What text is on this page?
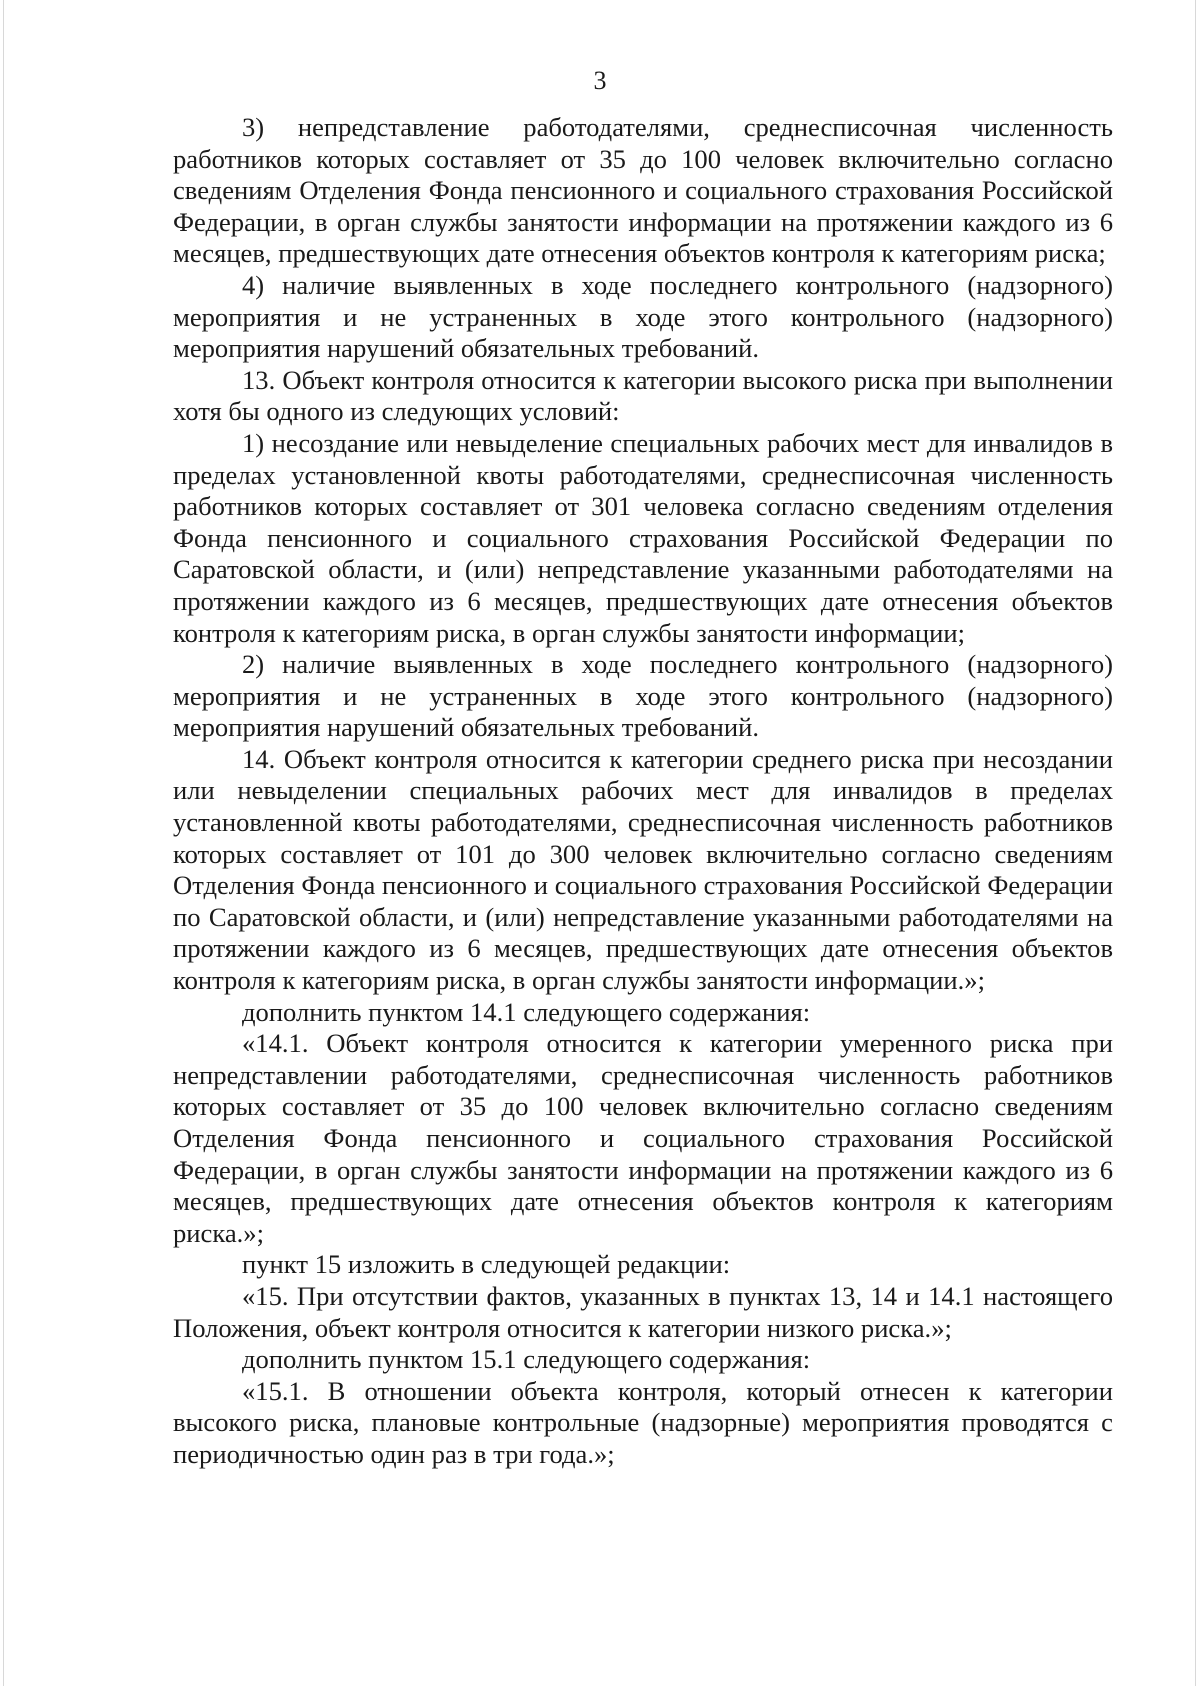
3

3) непредставление работодателями, среднесписочная численность работников которых составляет от 35 до 100 человек включительно согласно сведениям Отделения Фонда пенсионного и социального страхования Российской Федерации, в орган службы занятости информации на протяжении каждого из 6 месяцев, предшествующих дате отнесения объектов контроля к категориям риска;

4) наличие выявленных в ходе последнего контрольного (надзорного) мероприятия и не устраненных в ходе этого контрольного (надзорного) мероприятия нарушений обязательных требований.

13. Объект контроля относится к категории высокого риска при выполнении хотя бы одного из следующих условий:

1) несоздание или невыделение специальных рабочих мест для инвалидов в пределах установленной квоты работодателями, среднесписочная численность работников которых составляет от 301 человека согласно сведениям отделения Фонда пенсионного и социального страхования Российской Федерации по Саратовской области, и (или) непредставление указанными работодателями на протяжении каждого из 6 месяцев, предшествующих дате отнесения объектов контроля к категориям риска, в орган службы занятости информации;

2) наличие выявленных в ходе последнего контрольного (надзорного) мероприятия и не устраненных в ходе этого контрольного (надзорного) мероприятия нарушений обязательных требований.

14. Объект контроля относится к категории среднего риска при несоздании или невыделении специальных рабочих мест для инвалидов в пределах установленной квоты работодателями, среднесписочная численность работников которых составляет от 101 до 300 человек включительно согласно сведениям Отделения Фонда пенсионного и социального страхования Российской Федерации по Саратовской области, и (или) непредставление указанными работодателями на протяжении каждого из 6 месяцев, предшествующих дате отнесения объектов контроля к категориям риска, в орган службы занятости информации.»;

дополнить пунктом 14.1 следующего содержания:

«14.1. Объект контроля относится к категории умеренного риска при непредставлении работодателями, среднесписочная численность работников которых составляет от 35 до 100 человек включительно согласно сведениям Отделения Фонда пенсионного и социального страхования Российской Федерации, в орган службы занятости информации на протяжении каждого из 6 месяцев, предшествующих дате отнесения объектов контроля к категориям риска.»;

пункт 15 изложить в следующей редакции:

«15. При отсутствии фактов, указанных в пунктах 13, 14 и 14.1 настоящего Положения, объект контроля относится к категории низкого риска.»;

дополнить пунктом 15.1 следующего содержания:

«15.1. В отношении объекта контроля, который отнесен к категории высокого риска, плановые контрольные (надзорные) мероприятия проводятся с периодичностью один раз в три года.»;
